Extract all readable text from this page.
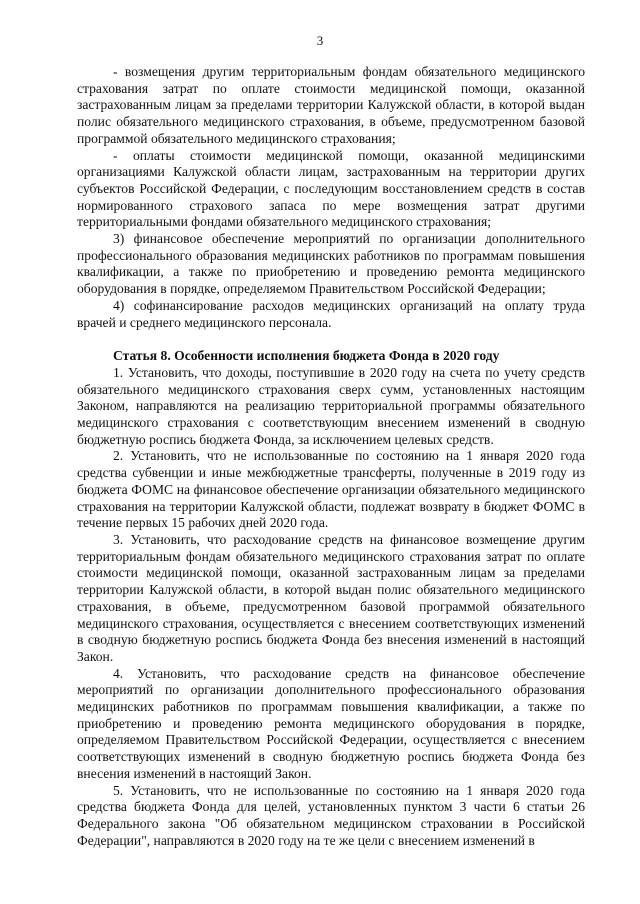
3

- возмещения другим территориальным фондам обязательного медицинского страхования затрат по оплате стоимости медицинской помощи, оказанной застрахованным лицам за пределами территории Калужской области, в которой выдан полис обязательного медицинского страхования, в объеме, предусмотренном базовой программой обязательного медицинского страхования;

- оплаты стоимости медицинской помощи, оказанной медицинскими организациями Калужской области лицам, застрахованным на территории других субъектов Российской Федерации, с последующим восстановлением средств в состав нормированного страхового запаса по мере возмещения затрат другими территориальными фондами обязательного медицинского страхования;

3) финансовое обеспечение мероприятий по организации дополнительного профессионального образования медицинских работников по программам повышения квалификации, а также по приобретению и проведению ремонта медицинского оборудования в порядке, определяемом Правительством Российской Федерации;

4) софинансирование расходов медицинских организаций на оплату труда врачей и среднего медицинского персонала.

Статья 8. Особенности исполнения бюджета Фонда в 2020 году

1. Установить, что доходы, поступившие в 2020 году на счета по учету средств обязательного медицинского страхования сверх сумм, установленных настоящим Законом, направляются на реализацию территориальной программы обязательного медицинского страхования с соответствующим внесением изменений в сводную бюджетную роспись бюджета Фонда, за исключением целевых средств.

2. Установить, что не использованные по состоянию на 1 января 2020 года средства субвенции и иные межбюджетные трансферты, полученные в 2019 году из бюджета ФОМС на финансовое обеспечение организации обязательного медицинского страхования на территории Калужской области, подлежат возврату в бюджет ФОМС в течение первых 15 рабочих дней 2020 года.

3. Установить, что расходование средств на финансовое возмещение другим территориальным фондам обязательного медицинского страхования затрат по оплате стоимости медицинской помощи, оказанной застрахованным лицам за пределами территории Калужской области, в которой выдан полис обязательного медицинского страхования, в объеме, предусмотренном базовой программой обязательного медицинского страхования, осуществляется с внесением соответствующих изменений в сводную бюджетную роспись бюджета Фонда без внесения изменений в настоящий Закон.

4. Установить, что расходование средств на финансовое обеспечение мероприятий по организации дополнительного профессионального образования медицинских работников по программам повышения квалификации, а также по приобретению и проведению ремонта медицинского оборудования в порядке, определяемом Правительством Российской Федерации, осуществляется с внесением соответствующих изменений в сводную бюджетную роспись бюджета Фонда без внесения изменений в настоящий Закон.

5. Установить, что не использованные по состоянию на 1 января 2020 года средства бюджета Фонда для целей, установленных пунктом 3 части 6 статьи 26 Федерального закона "Об обязательном медицинском страховании в Российской Федерации", направляются в 2020 году на те же цели с внесением изменений в
